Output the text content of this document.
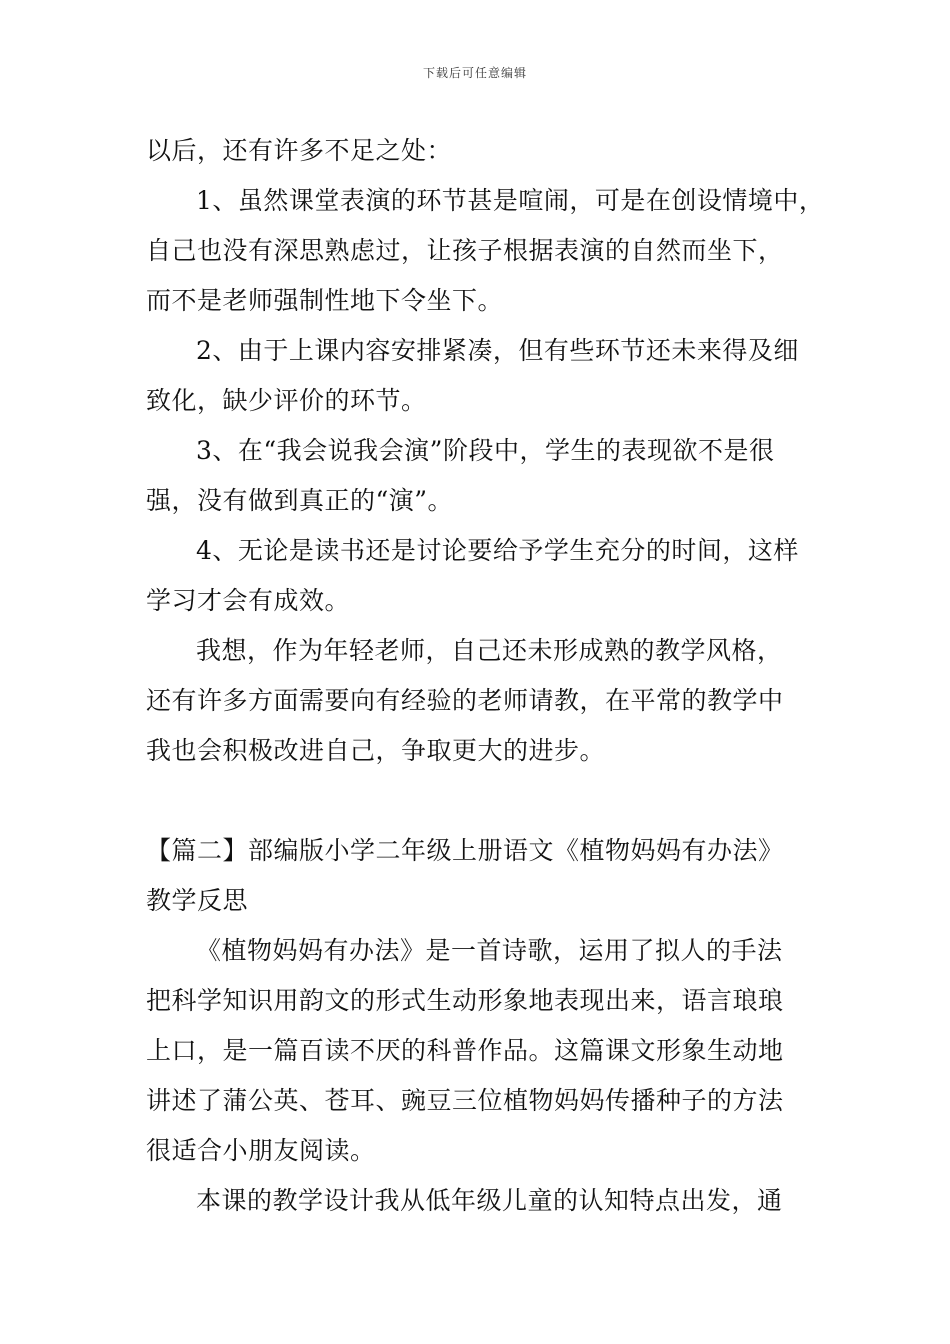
下载后可任意编辑
以后，还有许多不足之处：
1、虽然课堂表演的环节甚是喧闹，可是在创设情境中，
自己也没有深思熟虑过，让孩子根据表演的自然而坐下，
而不是老师强制性地下令坐下。
2、由于上课内容安排紧凑，但有些环节还未来得及细
致化，缺少评价的环节。
3、在“我会说我会演”阶段中，学生的表现欲不是很
强，没有做到真正的“演”。
4、无论是读书还是讨论要给予学生充分的时间，这样
学习才会有成效。
我想，作为年轻老师，自己还未形成熟的教学风格，
还有许多方面需要向有经验的老师请教，在平常的教学中
我也会积极改进自己，争取更大的进步。
【篇二】部编版小学二年级上册语文《植物妈妈有办法》
教学反思
《植物妈妈有办法》是一首诗歌，运用了拟人的手法
把科学知识用韵文的形式生动形象地表现出来，语言琅琅
上口，是一篇百读不厌的科普作品。这篇课文形象生动地
讲述了蒲公英、苍耳、豌豆三位植物妈妈传播种子的方法
很适合小朋友阅读。
本课的教学设计我从低年级儿童的认知特点出发，通
